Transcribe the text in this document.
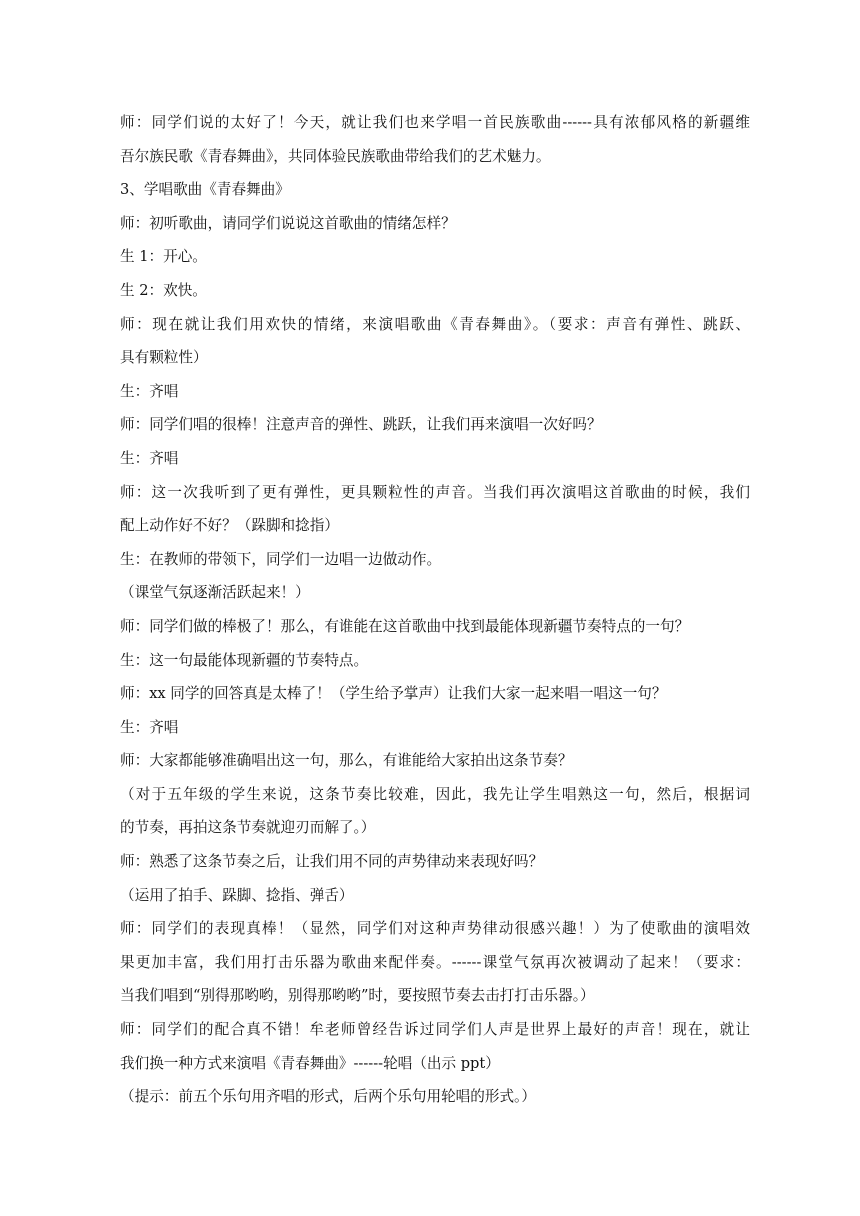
师：同学们说的太好了！今天，就让我们也来学唱一首民族歌曲------具有浓郁风格的新疆维
吾尔族民歌《青春舞曲》，共同体验民族歌曲带给我们的艺术魅力。
3、学唱歌曲《青春舞曲》
师：初听歌曲，请同学们说说这首歌曲的情绪怎样？
生 1：开心。
生 2：欢快。
师：现在就让我们用欢快的情绪，来演唱歌曲《青春舞曲》。（要求：声音有弹性、跳跃、
具有颗粒性）
生：齐唱
师：同学们唱的很棒！注意声音的弹性、跳跃，让我们再来演唱一次好吗？
生：齐唱
师：这一次我听到了更有弹性，更具颗粒性的声音。当我们再次演唱这首歌曲的时候，我们
配上动作好不好？（跺脚和捻指）
生：在教师的带领下，同学们一边唱一边做动作。
（课堂气氛逐渐活跃起来！）
师：同学们做的棒极了！那么，有谁能在这首歌曲中找到最能体现新疆节奏特点的一句？
生：这一句最能体现新疆的节奏特点。
师：xx 同学的回答真是太棒了！（学生给予掌声）让我们大家一起来唱一唱这一句？
生：齐唱
师：大家都能够准确唱出这一句，那么，有谁能给大家拍出这条节奏？
（对于五年级的学生来说，这条节奏比较难，因此，我先让学生唱熟这一句，然后，根据词
的节奏，再拍这条节奏就迎刃而解了。）
师：熟悉了这条节奏之后，让我们用不同的声势律动来表现好吗？
（运用了拍手、跺脚、捻指、弹舌）
师：同学们的表现真棒！（显然，同学们对这种声势律动很感兴趣！）为了使歌曲的演唱效
果更加丰富，我们用打击乐器为歌曲来配伴奏。------课堂气氛再次被调动了起来！（要求：
当我们唱到“别得那哟哟，别得那哟哟”时，要按照节奏去击打打击乐器。）
师：同学们的配合真不错！牟老师曾经告诉过同学们人声是世界上最好的声音！现在，就让
我们换一种方式来演唱《青春舞曲》------轮唱（出示 ppt）
（提示：前五个乐句用齐唱的形式，后两个乐句用轮唱的形式。）
